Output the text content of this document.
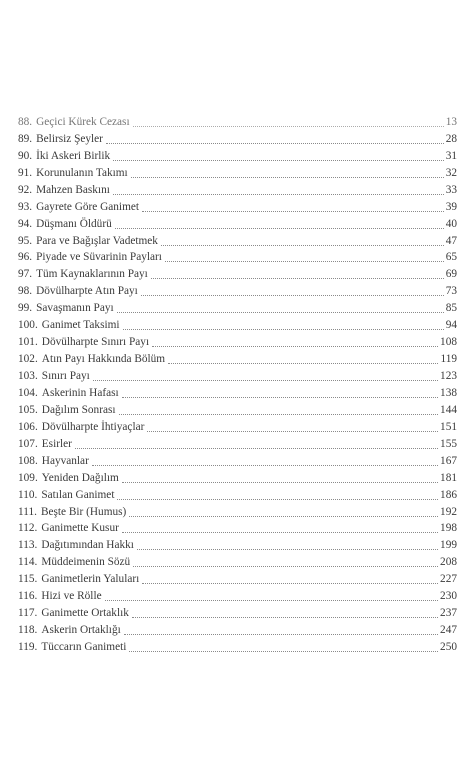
88. Geçici Kürek Cezası	13
89. Belirsiz Şeyler	28
90. İki Askeri Birlik	31
91. Korunulanın Takımı	32
92. Mahzen Baskını	33
93. Gayrete Göre Ganimet	39
94. Düşmanı Öldürü	40
95. Para ve Bağışlar Vadetmek	47
96. Piyade ve Süvarinin Payları	65
97. Tüm Kaynaklarının Payı	69
98. Dövülharpte Atın Payı	73
99. Savaşmanın Payı	85
100. Ganimet Taksimi	94
101. Dövülharpte Sınırı Payı	108
102. Atın Payı Hakkında Bölüm	119
103. Sınırı Payı	123
104. Askerinin Hafası	138
105. Dağılım Sonrası	144
106. Dövülharpte İhtiyaçlar	151
107. Esirler	155
108. Hayvanlar	167
109. Yeniden Dağılım	181
110. Satılan Ganimet	186
111. Beşte Bir (Humus)	192
112. Ganimette Kusur	198
113. Dağıtımından Hakkı	199
114. Müddeimenin Sözü	208
115. Ganimetlerin Yaluları	227
116. Hizi ve Rölle	230
117. Ganimette Ortaklık	237
118. Askerin Ortaklığı	247
119. Tüccarın Ganimeti	250
